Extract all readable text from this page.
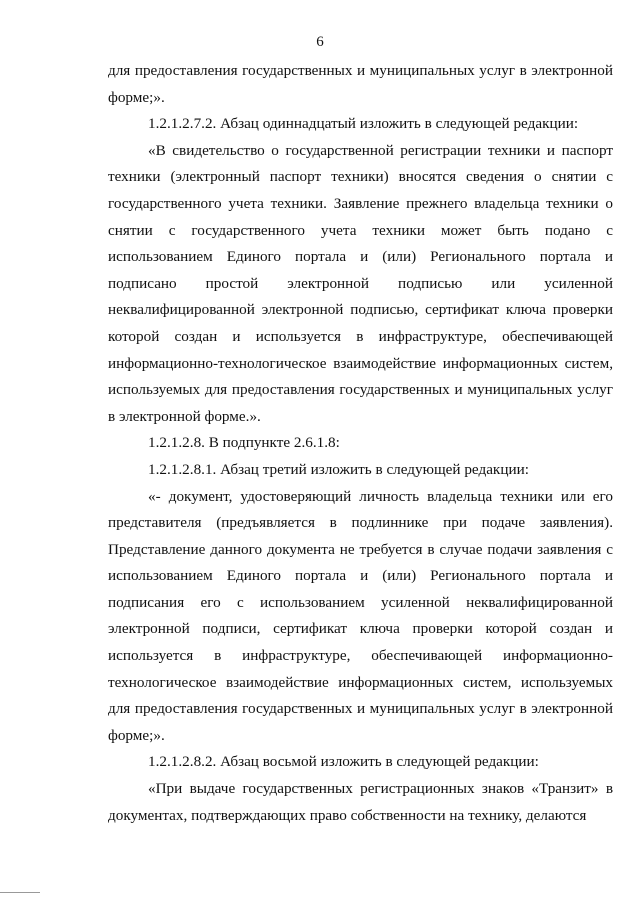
6

для предоставления государственных и муниципальных услуг в электронной форме;».

1.2.1.2.7.2. Абзац одиннадцатый изложить в следующей редакции:

«В свидетельство о государственной регистрации техники и паспорт техники (электронный паспорт техники) вносятся сведения о снятии с государственного учета техники. Заявление прежнего владельца техники о снятии с государственного учета техники может быть подано с использованием Единого портала и (или) Регионального портала и подписано простой электронной подписью или усиленной неквалифицированной электронной подписью, сертификат ключа проверки которой создан и используется в инфраструктуре, обеспечивающей информационно-технологическое взаимодействие информационных систем, используемых для предоставления государственных и муниципальных услуг в электронной форме.».

1.2.1.2.8. В подпункте 2.6.1.8:

1.2.1.2.8.1. Абзац третий изложить в следующей редакции:

«- документ, удостоверяющий личность владельца техники или его представителя (предъявляется в подлиннике при подаче заявления). Представление данного документа не требуется в случае подачи заявления с использованием Единого портала и (или) Регионального портала и подписания его с использованием усиленной неквалифицированной электронной подписи, сертификат ключа проверки которой создан и используется в инфраструктуре, обеспечивающей информационно-технологическое взаимодействие информационных систем, используемых для предоставления государственных и муниципальных услуг в электронной форме;».

1.2.1.2.8.2. Абзац восьмой изложить в следующей редакции:

«При выдаче государственных регистрационных знаков «Транзит» в документах, подтверждающих право собственности на технику, делаются
